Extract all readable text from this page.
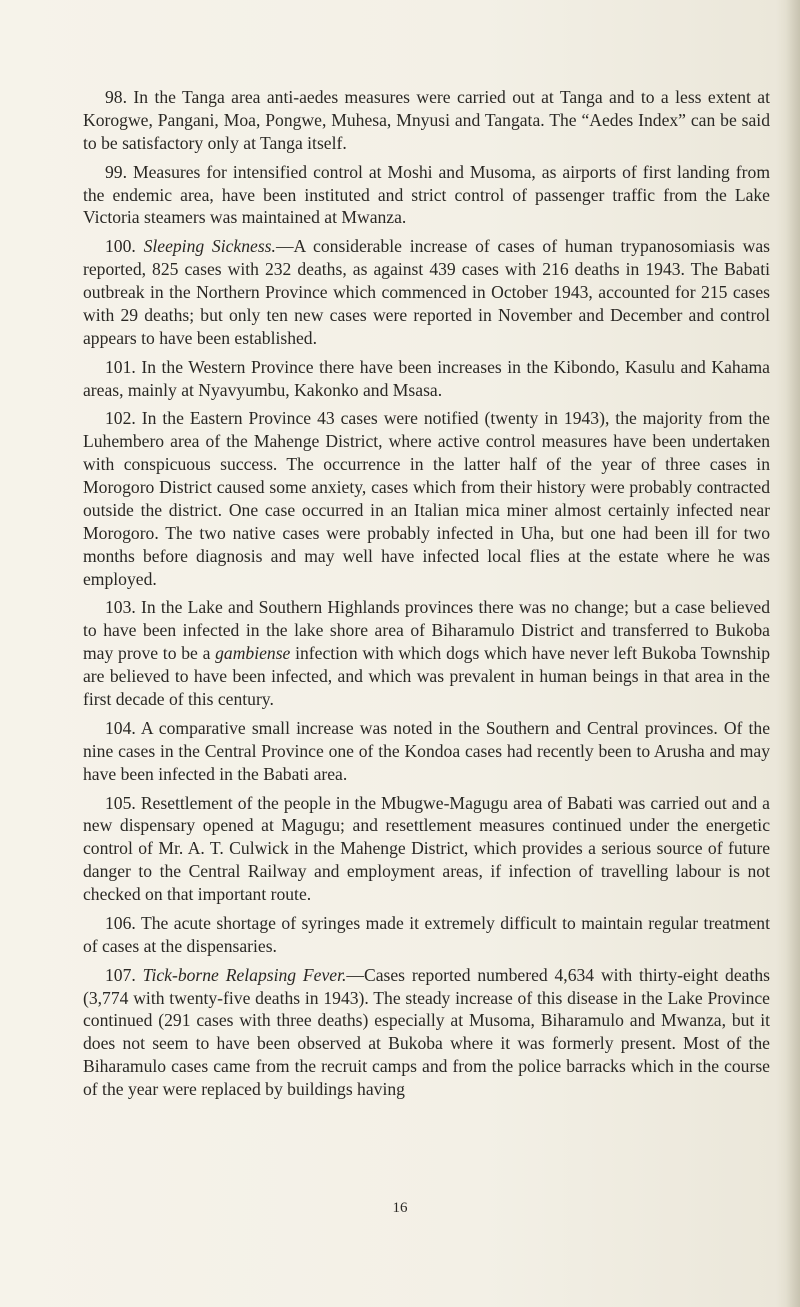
98. In the Tanga area anti-aedes measures were carried out at Tanga and to a less extent at Korogwe, Pangani, Moa, Pongwe, Muhesa, Mnyusi and Tangata. The “Aedes Index” can be said to be satisfactory only at Tanga itself.

99. Measures for intensified control at Moshi and Musoma, as airports of first landing from the endemic area, have been instituted and strict control of passenger traffic from the Lake Victoria steamers was maintained at Mwanza.

100. Sleeping Sickness.—A considerable increase of cases of human trypanosomiasis was reported, 825 cases with 232 deaths, as against 439 cases with 216 deaths in 1943. The Babati outbreak in the Northern Province which commenced in October 1943, accounted for 215 cases with 29 deaths; but only ten new cases were reported in November and December and control appears to have been established.

101. In the Western Province there have been increases in the Kibondo, Kasulu and Kahama areas, mainly at Nyavyumbu, Kakonko and Msasa.

102. In the Eastern Province 43 cases were notified (twenty in 1943), the majority from the Luhembero area of the Mahenge District, where active control measures have been undertaken with conspicuous success. The occurrence in the latter half of the year of three cases in Morogoro District caused some anxiety, cases which from their history were probably contracted outside the district. One case occurred in an Italian mica miner almost certainly infected near Morogoro. The two native cases were probably infected in Uha, but one had been ill for two months before diagnosis and may well have infected local flies at the estate where he was employed.

103. In the Lake and Southern Highlands provinces there was no change; but a case believed to have been infected in the lake shore area of Biharamulo District and transferred to Bukoba may prove to be a gambiense infection with which dogs which have never left Bukoba Township are believed to have been infected, and which was prevalent in human beings in that area in the first decade of this century.

104. A comparative small increase was noted in the Southern and Central provinces. Of the nine cases in the Central Province one of the Kondoa cases had recently been to Arusha and may have been infected in the Babati area.

105. Resettlement of the people in the Mbugwe-Magugu area of Babati was carried out and a new dispensary opened at Magugu; and resettlement measures continued under the energetic control of Mr. A. T. Culwick in the Mahenge District, which provides a serious source of future danger to the Central Railway and employment areas, if infection of travelling labour is not checked on that important route.

106. The acute shortage of syringes made it extremely difficult to maintain regular treatment of cases at the dispensaries.

107. Tick-borne Relapsing Fever.—Cases reported numbered 4,634 with thirty-eight deaths (3,774 with twenty-five deaths in 1943). The steady increase of this disease in the Lake Province continued (291 cases with three deaths) especially at Musoma, Biharamulo and Mwanza, but it does not seem to have been observed at Bukoba where it was formerly present. Most of the Biharamulo cases came from the recruit camps and from the police barracks which in the course of the year were replaced by buildings having

16
